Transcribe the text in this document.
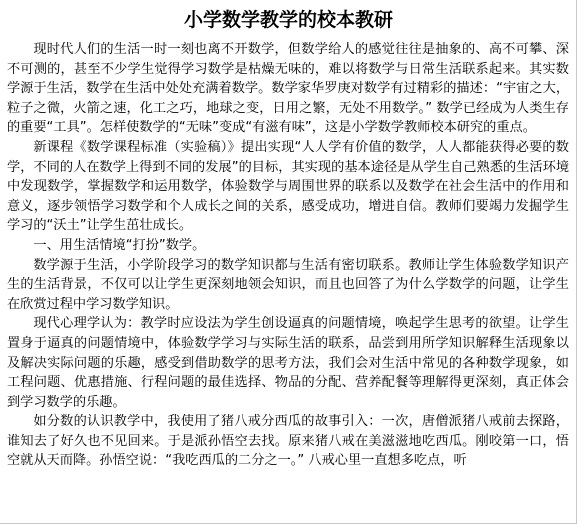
小学数学教学的校本教研

现时代人们的生活一时一刻也离不开数学，但数学给人的感觉往往是抽象的、高不可攀、深不可测的，甚至不少学生觉得学习数学是枯燥无味的，难以将数学与日常生活联系起来。其实数学源于生活，数学在生活中处处充满着数学。数学家华罗庚对数学有过精彩的描述：“宇宙之大，粒子之微，火箭之速，化工之巧，地球之变，日用之繁，无处不用数学。” 数学已经成为人类生存的重要“工具”。怎样使数学的“无味”变成“有滋有味”，这是小学数学教师校本研究的重点。

新课程《数学课程标准（实验稿）》提出实现“人人学有价值的数学，人人都能获得必要的数学，不同的人在数学上得到不同的发展”的目标，其实现的基本途径是从学生自己熟悉的生活环境中发现数学，掌握数学和运用数学，体验数学与周围世界的联系以及数学在社会生活中的作用和意义，逐步领悟学习数学和个人成长之间的关系，感受成功，增进自信。教师们要竭力发掘学生学习的“沃土”让学生茁壮成长。

一、用生活情境“打扮”数学。

数学源于生活，小学阶段学习的数学知识都与生活有密切联系。教师让学生体验数学知识产生的生活背景，不仅可以让学生更深刻地领会知识，而且也回答了为什么学数学的问题，让学生在欣赏过程中学习数学知识。

现代心理学认为：教学时应设法为学生创设逼真的问题情境，唤起学生思考的欲望。让学生置身于逼真的问题情境中，体验数学学习与实际生活的联系，品尝到用所学知识解释生活现象以及解决实际问题的乐趣，感受到借助数学的思考方法，我们会对生活中常见的各种数学现象，如工程问题、优惠措施、行程问题的最佳选择、物品的分配、营养配餐等理解得更深刻，真正体会到学习数学的乐趣。

如分数的认识教学中，我使用了猪八戒分西瓜的故事引入：一次，唐僧派猪八戒前去探路，谁知去了好久也不见回来。于是派孙悟空去找。原来猪八戒在美滋滋地吃西瓜。刚咬第一口，悟空就从天而降。孙悟空说：“我吃西瓜的二分之一。” 八戒心里一直想多吃点，听
